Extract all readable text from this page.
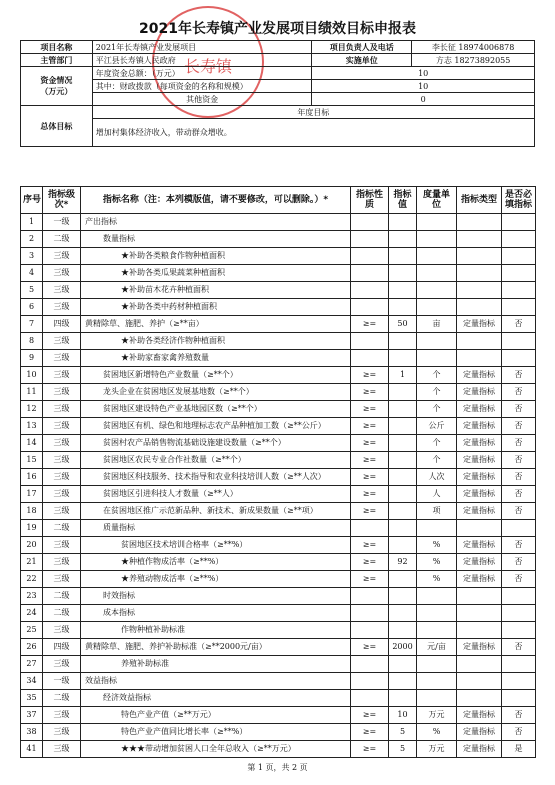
长寿镇
2021年长寿镇产业发展项目绩效目标申报表
项目名称	2021年长寿镇产业发展项目	项目负责人及电话	李长征 18974006878
主管部门	平江县长寿镇人民政府	实施单位	方志 18273892055
资金情况
（万元）	年度资金总额：（万元）	10	
	其中：财政拨款（每项资金的名称和规模）	10	
	其他资金	0	
总体目标	年度目标		
	增加村集体经济收入，带动群众增收。		
序号	指标级次*	指标名称（注：本列模版值，请不要修改，可以删除。）*	指标性质	指标值	度量单位	指标类型	是否必填指标
1	一级	产出指标					
2	二级	数量指标					
3	三级	★补助各类粮食作物种植面积					
4	三级	★补助各类瓜果蔬菜种植面积					
5	三级	★补助苗木花卉种植面积					
6	三级	★补助各类中药材种植面积					
7	四级	黄精除草、施肥、养护（≥**亩）	≥=	50	亩	定量指标	否
8	三级	★补助各类经济作物种植面积					
9	三级	★补助家畜家禽养殖数量					
10	三级	贫困地区新增特色产业数量（≥**个）	≥=	1	个	定量指标	否
11	三级	龙头企业在贫困地区发展基地数（≥**个）	≥=		个	定量指标	否
12	三级	贫困地区建设特色产业基地园区数（≥**个）	≥=		个	定量指标	否
13	三级	贫困地区有机、绿色和地理标志农产品种植加工数（≥**公斤）	≥=		公斤	定量指标	否
14	三级	贫困村农产品销售物流基础设施建设数量（≥**个）	≥=		个	定量指标	否
15	三级	贫困地区农民专业合作社数量（≥**个）	≥=		个	定量指标	否
16	三级	贫困地区科技服务、技术指导和农业科技培训人数（≥**人次）	≥=		人次	定量指标	否
17	三级	贫困地区引进科技人才数量（≥**人）	≥=		人	定量指标	否
18	三级	在贫困地区推广示范新品种、新技术、新成果数量（≥**项）	≥=		项	定量指标	否
19	二级	质量指标					
20	三级	贫困地区技术培训合格率（≥**%）	≥=		%	定量指标	否
21	三级	★种植作物成活率（≥**%）	≥=	92	%	定量指标	否
22	三级	★养殖动物成活率（≥**%）	≥=		%	定量指标	否
23	二级	时效指标					
24	二级	成本指标					
25	三级	作物种植补助标准					
26	四级	黄精除草、施肥、养护补助标准（≥**2000元/亩）	≥=	2000	元/亩	定量指标	否
27	三级	养殖补助标准					
34	一级	效益指标					
35	二级	经济效益指标					
37	三级	特色产业产值（≥**万元）	≥=	10	万元	定量指标	否
38	三级	特色产业产值同比增长率（≥**%）	≥=	5	%	定量指标	否
41	三级	★★★带动增加贫困人口全年总收入（≥**万元）	≥=	5	万元	定量指标	是
第 1 页，共 2 页
